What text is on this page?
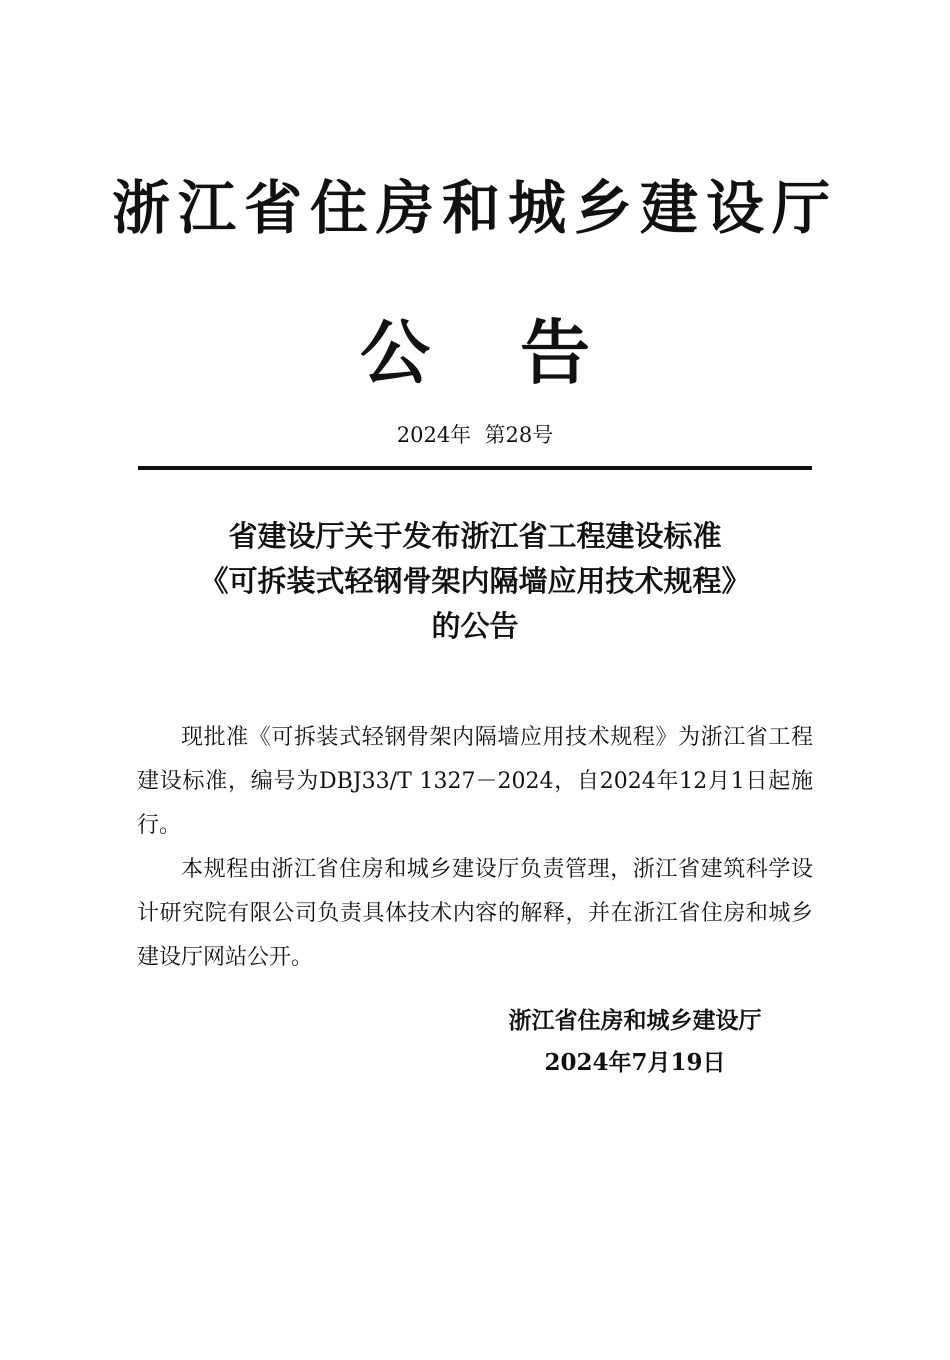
浙江省住房和城乡建设厅
公告
2024年  第28号
省建设厅关于发布浙江省工程建设标准
《可拆装式轻钢骨架内隔墙应用技术规程》
的公告

现批准《可拆装式轻钢骨架内隔墙应用技术规程》为浙江省工程建设标准，编号为DBJ33/T 1327－2024，自2024年12月1日起施行。

本规程由浙江省住房和城乡建设厅负责管理，浙江省建筑科学设计研究院有限公司负责具体技术内容的解释，并在浙江省住房和城乡建设厅网站公开。

浙江省住房和城乡建设厅
2024年7月19日
